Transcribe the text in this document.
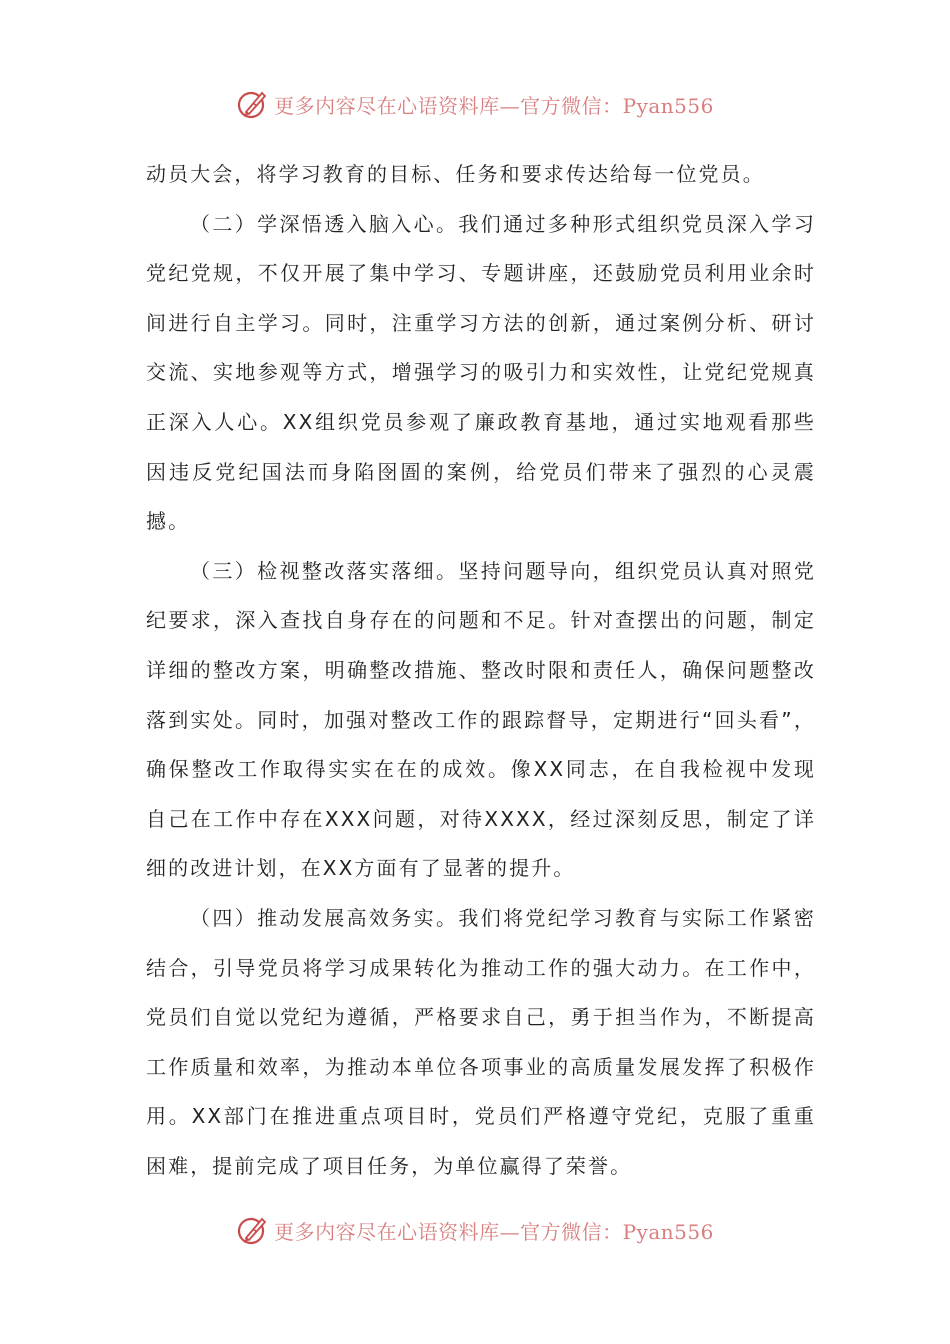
更多内容尽在心语资料库—官方微信：Pyan556

动员大会，将学习教育的目标、任务和要求传达给每一位党员。

（二）学深悟透入脑入心。我们通过多种形式组织党员深入学习党纪党规，不仅开展了集中学习、专题讲座，还鼓励党员利用业余时间进行自主学习。同时，注重学习方法的创新，通过案例分析、研讨交流、实地参观等方式，增强学习的吸引力和实效性，让党纪党规真正深入人心。XX组织党员参观了廉政教育基地，通过实地观看那些因违反党纪国法而身陷囹圄的案例，给党员们带来了强烈的心灵震撼。

（三）检视整改落实落细。坚持问题导向，组织党员认真对照党纪要求，深入查找自身存在的问题和不足。针对查摆出的问题，制定详细的整改方案，明确整改措施、整改时限和责任人，确保问题整改落到实处。同时，加强对整改工作的跟踪督导，定期进行“回头看”，确保整改工作取得实实在在的成效。像XX同志，在自我检视中发现自己在工作中存在XXX问题，对待XXXX，经过深刻反思，制定了详细的改进计划，在XX方面有了显著的提升。

（四）推动发展高效务实。我们将党纪学习教育与实际工作紧密结合，引导党员将学习成果转化为推动工作的强大动力。在工作中，党员们自觉以党纪为遵循，严格要求自己，勇于担当作为，不断提高工作质量和效率，为推动本单位各项事业的高质量发展发挥了积极作用。XX部门在推进重点项目时，党员们严格遵守党纪，克服了重重困难，提前完成了项目任务，为单位赢得了荣誉。

更多内容尽在心语资料库—官方微信：Pyan556
